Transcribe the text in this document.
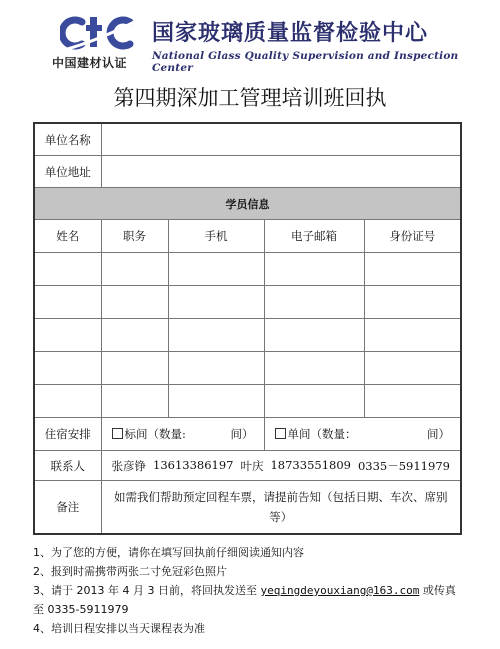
中国建材认证
国家玻璃质量监督检验中心
National Glass Quality Supervision and Inspection Center
第四期深加工管理培训班回执
单位名称				
单位地址				
学员信息				
姓名	职务	手机	电子邮箱	身份证号

住宿安排	标间（数量: 间）		单间（数量： 间）	

联系人	张彦铮 13613386197 叶庆 18733551809 0335－5911979			

备注	如需我们帮助预定回程车票，请提前告知（包括日期、车次、席别等）			
1、为了您的方便，请你在填写回执前仔细阅读通知内容
2、报到时需携带两张二寸免冠彩色照片
3、请于 2013 年 4 月 3 日前，将回执发送至 yeqingdeyouxiang@163.com 或传真
至 0335-5911979
4、培训日程安排以当天课程表为准
